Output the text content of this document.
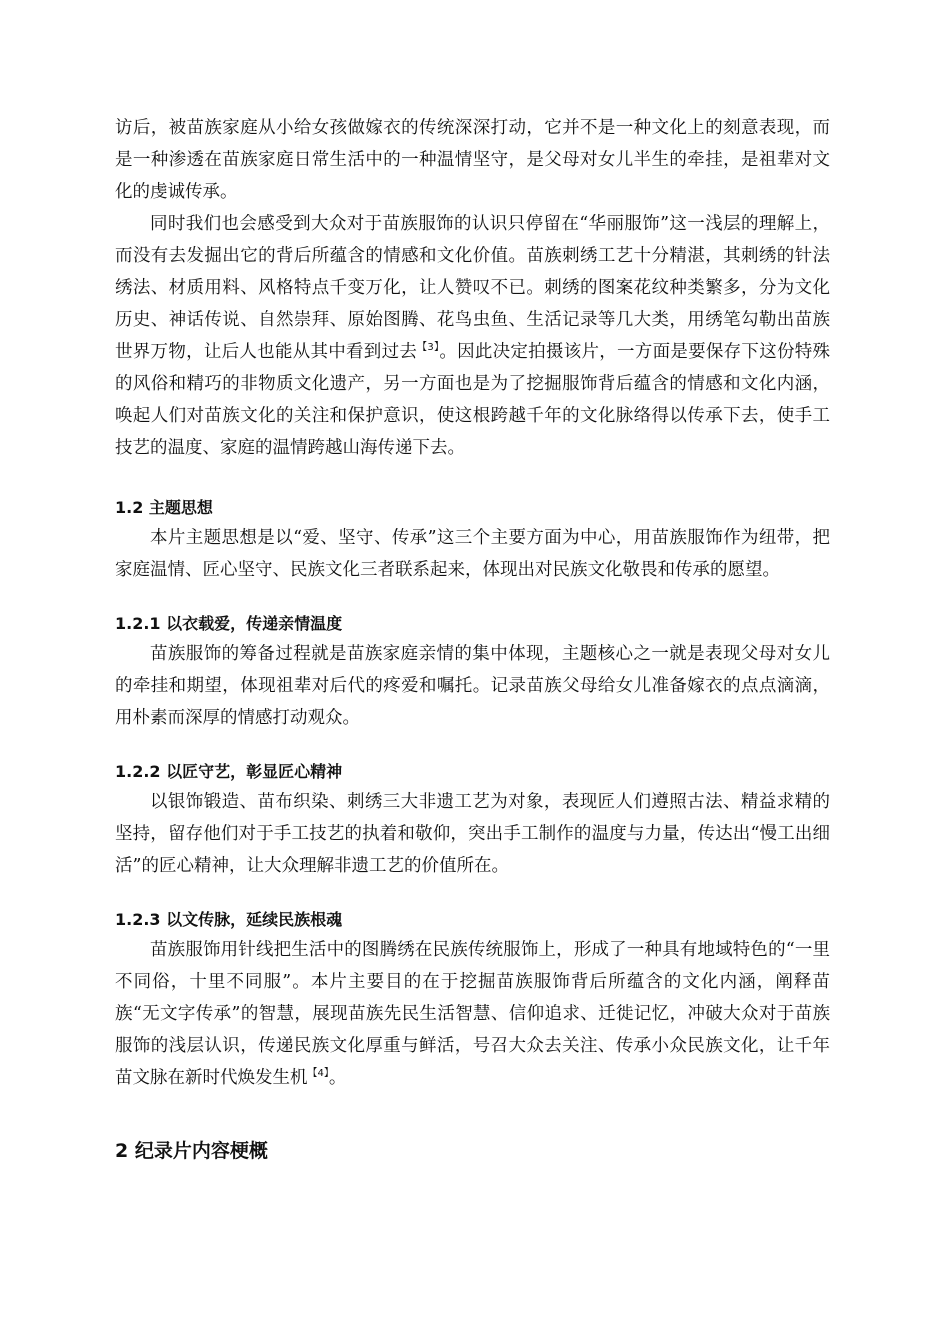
访后，被苗族家庭从小给女孩做嫁衣的传统深深打动，它并不是一种文化上的刻意表现，而是一种渗透在苗族家庭日常生活中的一种温情坚守，是父母对女儿半生的牵挂，是祖辈对文化的虔诚传承。

同时我们也会感受到大众对于苗族服饰的认识只停留在“华丽服饰”这一浅层的理解上，而没有去发掘出它的背后所蕴含的情感和文化价值。苗族刺绣工艺十分精湛，其刺绣的针法绣法、材质用料、风格特点千变万化，让人赞叹不已。刺绣的图案花纹种类繁多，分为文化历史、神话传说、自然崇拜、原始图腾、花鸟虫鱼、生活记录等几大类，用绣笔勾勒出苗族世界万物，让后人也能从其中看到过去$^{【3】}$。因此决定拍摄该片，一方面是要保存下这份特殊的风俗和精巧的非物质文化遗产，另一方面也是为了挖掘服饰背后蕴含的情感和文化内涵，唤起人们对苗族文化的关注和保护意识，使这根跨越千年的文化脉络得以传承下去，使手工技艺的温度、家庭的温情跨越山海传递下去。

1.2 主题思想

本片主题思想是以“爱、坚守、传承”这三个主要方面为中心，用苗族服饰作为纽带，把家庭温情、匠心坚守、民族文化三者联系起来，体现出对民族文化敬畏和传承的愿望。

1.2.1 以衣载爱，传递亲情温度

苗族服饰的筹备过程就是苗族家庭亲情的集中体现，主题核心之一就是表现父母对女儿的牵挂和期望，体现祖辈对后代的疼爱和嘱托。记录苗族父母给女儿准备嫁衣的点点滴滴，用朴素而深厚的情感打动观众。

1.2.2 以匠守艺，彰显匠心精神

以银饰锻造、苗布织染、刺绣三大非遗工艺为对象，表现匠人们遵照古法、精益求精的坚持，留存他们对于手工技艺的执着和敬仰，突出手工制作的温度与力量，传达出“慢工出细活”的匠心精神，让大众理解非遗工艺的价值所在。

1.2.3 以文传脉，延续民族根魂

苗族服饰用针线把生活中的图腾绣在民族传统服饰上，形成了一种具有地域特色的“一里不同俗，十里不同服”。本片主要目的在于挖掘苗族服饰背后所蕴含的文化内涵，阐释苗族“无文字传承”的智慧，展现苗族先民生活智慧、信仰追求、迁徙记忆，冲破大众对于苗族服饰的浅层认识，传递民族文化厚重与鲜活，号召大众去关注、传承小众民族文化，让千年苗文脉在新时代焕发生机$^{【4】}$。

2 纪录片内容梗概
